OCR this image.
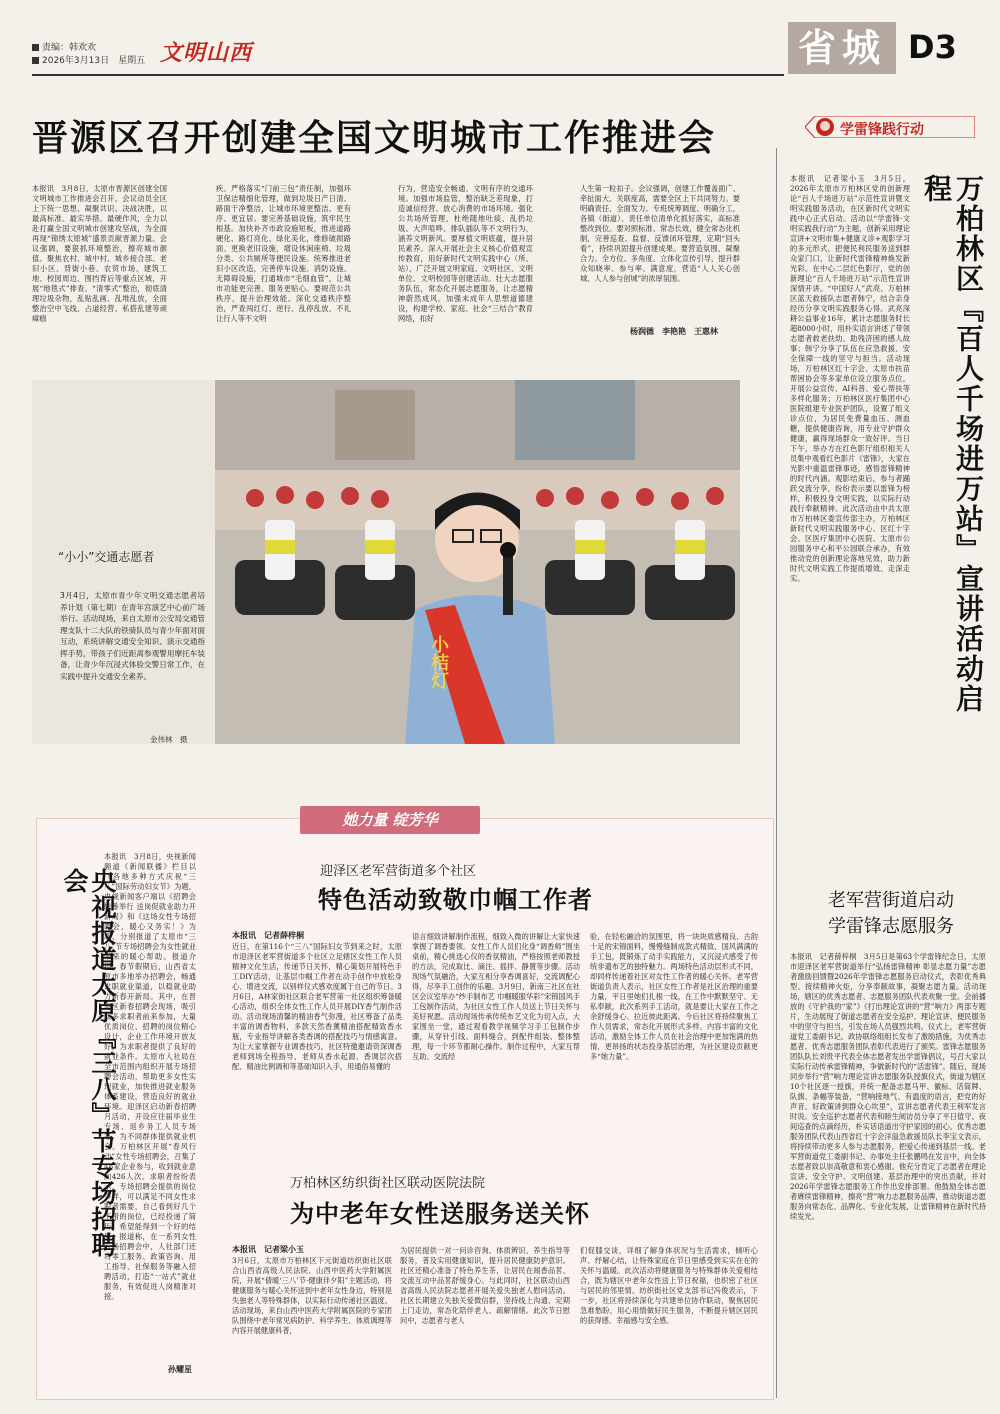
责编：韩欢欢
2026年3月13日　星期五 文明山西	省城 D3
晋源区召开创建全国文明城市工作推进会
本报讯　3月8日，太原市晋源区创建全国文明城市工作推进会召开。会议动员全区上下统一思想、凝聚共识、决战决胜，以最高标准、最实举措、最硬作风，全力以赴打赢全国文明城市创建攻坚战，为全面再现“锦绣太原城”盛景贡献晋源力量。会议强调，要狠抓环境整治，擦亮城市颜值。聚焦农村、城中村、城乡接合部、老旧小区、背街小巷、农贸市场、建筑工地、校园周边、围挡背后等重点区域，开展“地毯式”排查、“清零式”整治，彻底清理垃圾杂物，乱贴乱画、乱堆乱放，全面整治空中飞线、占道经营、私搭乱建等顽瘴痼
疾。严格落实“门前三包”责任制，加强环卫保洁精细化管理，做到垃圾日产日清、路面干净整洁，让城市环境更整洁、更有序、更宜居。要完善基础设施，筑牢民生根基。加快补齐市政设施短板，推进道路硬化、路灯亮化、绿化美化，维修破损路面、更换老旧设施，增设休闲座椅、垃圾分类、公共厕所等便民设施。统筹推进老旧小区改造，完善停车设施、消防设施、无障碍设施，打通城市“毛细血管”，让城市功能更完善、服务更贴心。要规范公共秩序，提升治理效能。深化交通秩序整治，严查闯红灯、逆行、乱停乱放、不礼让行人等不文明
行为，营造安全畅通、文明有序的交通环境。加强市场监管，整治缺乏差现象，打造诚信经营、放心消费的市场环境。强化公共场所管理，杜绝随地吐痰、乱扔垃圾、大声喧哗、排队插队等不文明行为，涵养文明新风。要厚植文明底蕴，提升居民素养。深入开展社会主义核心价值观宣传教育，用好新时代文明实践中心（所、站），广泛开展文明家庭、文明社区、文明单位、文明校园等创建活动。壮大志愿服务队伍，常态化开展志愿服务，让志愿精神蔚然成风。加强未成年人思想道德建设，构建学校、家庭、社会“三结合”教育网络，扣好
人生第一粒扣子。会议强调，创建工作覆盖面广、牵扯面大、关联度高，需要全区上下共同努力。要明确责任、全面发力。专班统筹调度、明确分工，各镇（街道）、责任单位清单化抓好落实，高标准整改到位。要对照标准、常态长效，健全常态化机制，完善巡查、监督、反馈闭环管理，定期“回头看”，持续巩固提升创建成果。要营造氛围，凝聚合力。全方位、多角度、立体化宣传引导，提升群众知晓率、参与率、满意度，营造“人人关心创城、人人参与创城”的浓厚氛围。
杨润德　李艳艳　王惠林
“小小”交通志愿者
3月4日，太原市青少年文明交通志愿者培养计划（第七期）在青年宫演艺中心前广场举行。活动现场，来自太原市公安局交通管理支队十二大队的铁骑队员与青少年面对面互动，系统讲解交通安全知识、演示交通指挥手势，带孩子们近距离参观警用摩托车装备，让青少年沉浸式体验交警日常工作，在实践中提升交通安全素养。
金伟林　摄
小桔灯
她力量 绽芳华
央视报道太原『三八』节专场招聘会
本报讯　3月8日，央视新闻频道《新闻联播》栏目以《各地多种方式庆祝“三八”国际劳动妇女节》为题，央视新闻客户端以《招聘会轮番举行 送岗促就业助力开新局》和《这场女性专场招聘会，暖心又务实！》为题，分别报道了太原市“三八”节专场招聘会为女性就业带来的暖心帮助。报道介绍，春节假期后，山西省太原市多地举办招聘会，畅通求职就业渠道，以稳就业助力新春开新局。其中，在晋源区新春招聘会现场，吸引众多求职者前来参加，大量优质岗位、招聘的岗位精心设计，企业工作环境开放友好，为求职者提供了良好的就业条件。太原市人社局在全市范围内组织开展专场招聘会活动，帮助更多女性实现就业，加快推进就业服务体系建设，营造良好的就业环境。迎泽区启动新春招聘月活动，开设应往届毕业生专场、返乡务工人员专场等，为不同群体提供就业机会。万柏林区开展“春风行动”女性专场招聘会，召集了48家企业参与，收到就业意向426人次。求职者纷纷表示，专场招聘会提供的岗位多样，可以满足不同女性求职者需要，自己看到好几个不错的岗位，已经投递了简历，希望能得到一个好的结果。报道称，在一系列女性专场招聘会中，人社部门还将零工服务、政策咨询、用工指导、社保服务等融入招聘活动，打造“一站式”就业服务，有效促进人岗精准对接。
孙耀星
迎泽区老军营街道多个社区
特色活动致敬巾帼工作者
本报讯　记者薛梓桐
近日，在第116个“三八”国际妇女节到来之时，太原市迎泽区老军营街道多个社区立足辖区女性工作人员精神文化生活，传递节日关怀，精心策划开展特色手工DIY活动，让基层巾帼工作者在动手创作中放松身心、增进交流，以别样仪式感欢度属于自己的节日。3月6日，A林家街社区联合老军营第一社区组织筹备暖心活动，组织全体女性工作人员开展DIY香气制作活动。活动现场清馨的精油香气弥漫，社区筹备了品类丰富的调香物料，多款天然香薰精油搭配精致香水瓶，专业指导讲解各类香调的搭配技巧与情感寓意。为让大家掌握专业调香技巧，社区特邀邀请资深调香老师到场全程指导，老师从香水起源、香调层次搭配、精油比例调和等基础知识入手，用通俗易懂的
语言细致讲解制作流程，细致入微的讲解让大家快速掌握了调香要领。女性工作人员们化身“调香师”围坐桌前，精心挑选心仪的香氛精油，严格按照老师教授的方法，完成取比、滴注、摇拌、静置等步骤。活动现场气氛融洽，大家互相分享香调喜好，交流调配心得，尽享手工创作的乐趣。3月9日，新南三社区在社区会议室举办“纱手制布艺 巾帼暖服华彩”宋锦国风手工包制作活动，为社区女性工作人员送上节日关怀与美好祝愿。活动现场传承传统布艺文化为切入点，大家围坐一堂，通过观看教学视频学习手工包制作步骤，从穿针引线、面料缝合，到配件组装、整体整理，每一个环节都耐心操作。制作过程中，大家互帮互助、交流经
验，在轻松融洽的氛围里，将一块块质感精良、古韵十足的宋锦面料，慢慢缝制成款式精致、国风满满的手工包，既锻炼了动手实践能力，又沉浸式感受了传统非遗布艺的独特魅力。两场特色活动层形式不同，却同样传递着社区对女性工作者的暖心关怀。老军营街道负责人表示，社区女性工作者是社区治理的重要力量，平日里她们扎根一线，在工作中默默坚守、无私奉献，此次系列手工活动，就是要让大家在工作之余舒缓身心、拉近彼此距离。今后社区将持续聚焦工作人员需求，常态化开展形式多样、内容丰富的文化活动，激励全体工作人员在社会治理中更加饱满的热情、更昂扬的状态投身基层治理，为社区建设贡献更多“她力量”。
万柏林区纺织街社区联动医院法院
为中老年女性送服务送关怀
本报讯　记者梁小玉
3月6日，太原市万柏林区下元街道纺织街社区联合山西省高级人民法院、山西中医药大学附属医院，开展“倩暖‘三八’节·健康伴夕阳”主题活动，将健康服务与暖心关怀送到中老年女性身边，特别是失独老人等特殊群体，以实际行动传递社区温度。活动现场，来自山西中医药大学附属医院的专家团队围绕中老年常见病防护、科学养生、体质调理等内容开展健康科普，
为居民提供一对一问诊咨询、体质辨识、养生指导等服务，普及实用健康知识，提升居民健康防护意识。社区还精心准备了特色养生茶，让居民在闻香品茗、交流互动中品茗舒缓身心。与此同时，社区联动山西省高级人民法院志愿者开展关爱失独老人慰问活动。社区长期建立失独关爱微信群，坚持线上沟通、定期上门走访，常态化陪伴老人、疏解情绪。此次节日慰问中，志愿者与老人
们促膝交谈，详细了解身体状况与生活需求，倾听心声、纾解心结，让特殊家庭在节日里感受到实实在在的关怀与温暖。此次活动将健康服务与特殊群体关爱相结合，既为辖区中老年女性送上节日祝福，也织密了社区与居民的邻里情。纺织街社区党支部书记冯俊表示，下一步，社区将持续深化与共建单位协作联动，聚焦居民急难愁盼，用心用情做好民生服务，不断提升辖区居民的获得感、幸福感与安全感。
学雷锋践行动
万柏林区『百人千场进万站』宣讲活动启程
本报讯　记者梁小玉　3月5日，2026年太原市万柏林区党的创新理论“百人千场进万站”示范性宣讲暨文明实践服务活动，在区新时代文明实践中心正式启动。活动以“学雷锋·文明实践我行动”为主题，创新采用理论宣讲+文明市集+健康义诊+观影学习的多元形式，把便民利民服务送到群众家门口，让新时代雷锋精神焕发新光彩。在中心二层红色影厅，党的创新理论“百人千场进万站”示范性宣讲深情开讲。“中国好人”武亮、万柏林区蓝天救援队志愿者韩宁，结合亲身经历分享文明实践服务心得。武亮深耕公益事业16年，累计志愿服务时长超8000小时，用朴实语言讲述了带领志愿者救老扶幼、助残济困的感人故事；韩宁分享了队伍在应急救援、安全保障一线的坚守与担当。活动现场，万柏林区红十字会、太原市扶苗帮困协会等多家单位设立服务点位，开展公益宣传、AI科普、爱心帮扶等多样化服务；万柏林区医疗集团中心医院组建专业医护团队，设置了组义诊点位，为居民免费量血压、测血糖，提供健康咨询，用专业守护群众健康，赢得现场群众一致好评。当日下午，举办方在红色影厅组织相关人员集中观看红色影片《雷锋》，大家在光影中重温雷锋事迹，感悟雷锋精神的时代内涵。观影结束后，参与者踊跃交流分享，纷纷表示要以雷锋为榜样，积极投身文明实践，以实际行动践行奉献精神。此次活动由中共太原市万柏林区委宣传部主办，万柏林区新时代文明实践服务中心、区红十字会、区医疗集团中心医院、太原市公园服务中心和平公园联合承办，有效推动党的创新理论落地见效，助力新时代文明实践工作提质增效、走深走实。
老军营街道启动
学雷锋志愿服务
本报讯　记者薛梓桐　3月5日是第63个学雷锋纪念日，太原市迎泽区老军营街道举行“弘扬雷锋精神 彰显志愿力量”志愿者激励回馈暨2026年学雷锋志愿服务启动仪式，表彰优秀典型、接续精神火炬，分享奉献故事，凝聚志愿力量。活动现场，辖区的优秀志愿者、志愿服务团队代表欢聚一堂。会前播放的《守护我的“家”》《打出理论宣讲的“营”响力》两部专题片，生动展现了街道志愿者在安全巡护、理论宣讲、便民服务中的坚守与担当，引发在场人员强烈共鸣。仪式上，老军营街道党工委副书记、政协联络组组长发布了激励措施，为优秀志愿者、优秀志愿服务团队表彰代表进行了颁奖。雷锋志愿服务团队队长刘贵平代表全体志愿者发出学雷锋倡议，号召大家以实际行动传承雷锋精神，争做新时代的“活雷锋”。随后，现场同步举行“营”响力理论宣讲志愿服务队授旗仪式，街道为辖区10个社区逐一授旗，并统一配备志愿马甲、徽标、话筒牌、队旗、条幅等装备，“营响接地气、有温度的语言，把党的好声音、好政策讲到群众心坎里”，宣讲志愿者代表王利军发言时说。安全巡护志愿者代表和睦生阅访员分享了平日值守、夜间巡查的点滴经历，朴实话语道出守护家园的初心。优秀志愿服务团队代表山西省红十字会洋溢急救援员队长李宝文表示，将持续带动更多人参与志愿服务，把爱心传递到基层一线。老军营街道党工委副书记、办事处主任张鹏鸣在发言中，向全体志愿者致以崇高敬意和衷心感谢。他充分肯定了志愿者在理论宣讲、安全守护、文明创建、基层治理中的突出贡献，并对2026年学雷锋志愿服务工作作出安排部署。他鼓励全体志愿者赓续雷锋精神，擦亮“营”响力志愿服务品牌，推动街道志愿服务向常态化、品牌化、专业化发展，让雷锋精神在新时代持续发光。
